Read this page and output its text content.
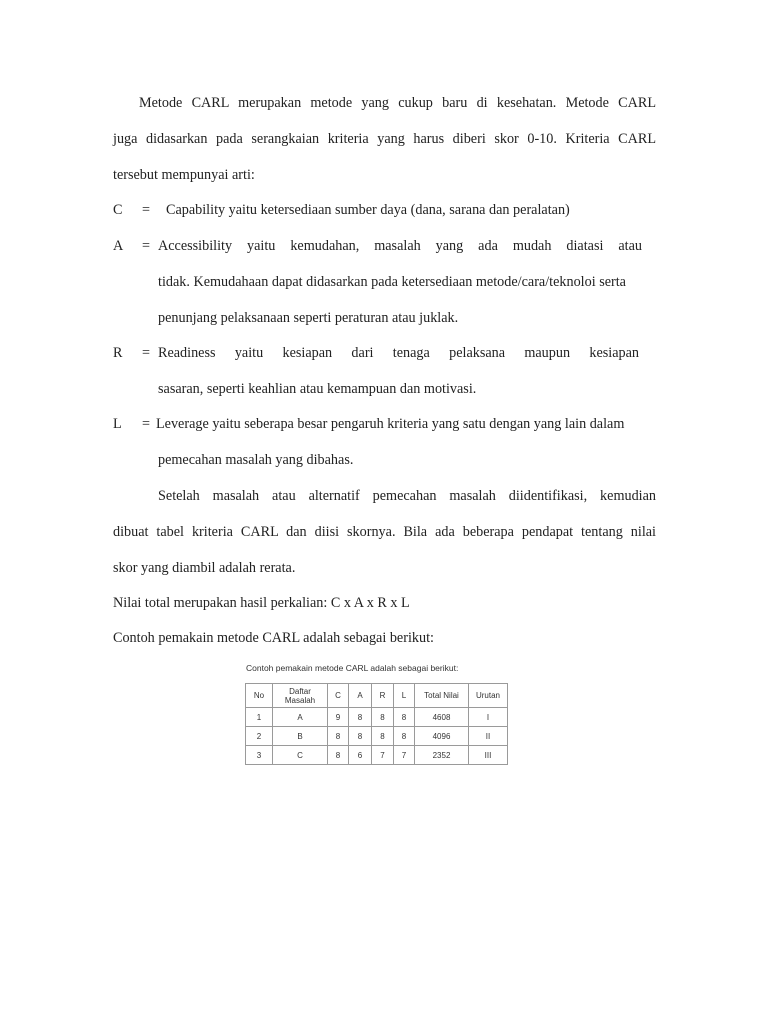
Metode CARL merupakan metode yang cukup baru di kesehatan. Metode CARL
juga didasarkan pada serangkaian kriteria yang harus diberi skor 0-10. Kriteria CARL
tersebut mempunyai arti:
C = Capability yaitu ketersediaan sumber daya (dana, sarana dan peralatan)
A = Accessibility yaitu kemudahan, masalah yang ada mudah diatasi atau
tidak. Kemudahaan dapat didasarkan pada ketersediaan metode/cara/teknoloi serta
penunjang pelaksanaan seperti peraturan atau juklak.
R = Readiness yaitu kesiapan dari tenaga pelaksana maupun kesiapan
sasaran, seperti keahlian atau kemampuan dan motivasi.
L = Leverage yaitu seberapa besar pengaruh kriteria yang satu dengan yang lain dalam
pemecahan masalah yang dibahas.
Setelah masalah atau alternatif pemecahan masalah diidentifikasi, kemudian
dibuat tabel kriteria CARL dan diisi skornya. Bila ada beberapa pendapat tentang nilai
skor yang diambil adalah rerata.
Nilai total merupakan hasil perkalian: C x A x R x L
Contoh pemakain metode CARL adalah sebagai berikut:
Contoh pemakain metode CARL adalah sebagai berikut:
No	Daftar Masalah	C	A	R	L	Total Nilai	Urutan
1	A	9	8	8	8	4608	I
2	B	8	8	8	8	4096	II
3	C	8	6	7	7	2352	III
